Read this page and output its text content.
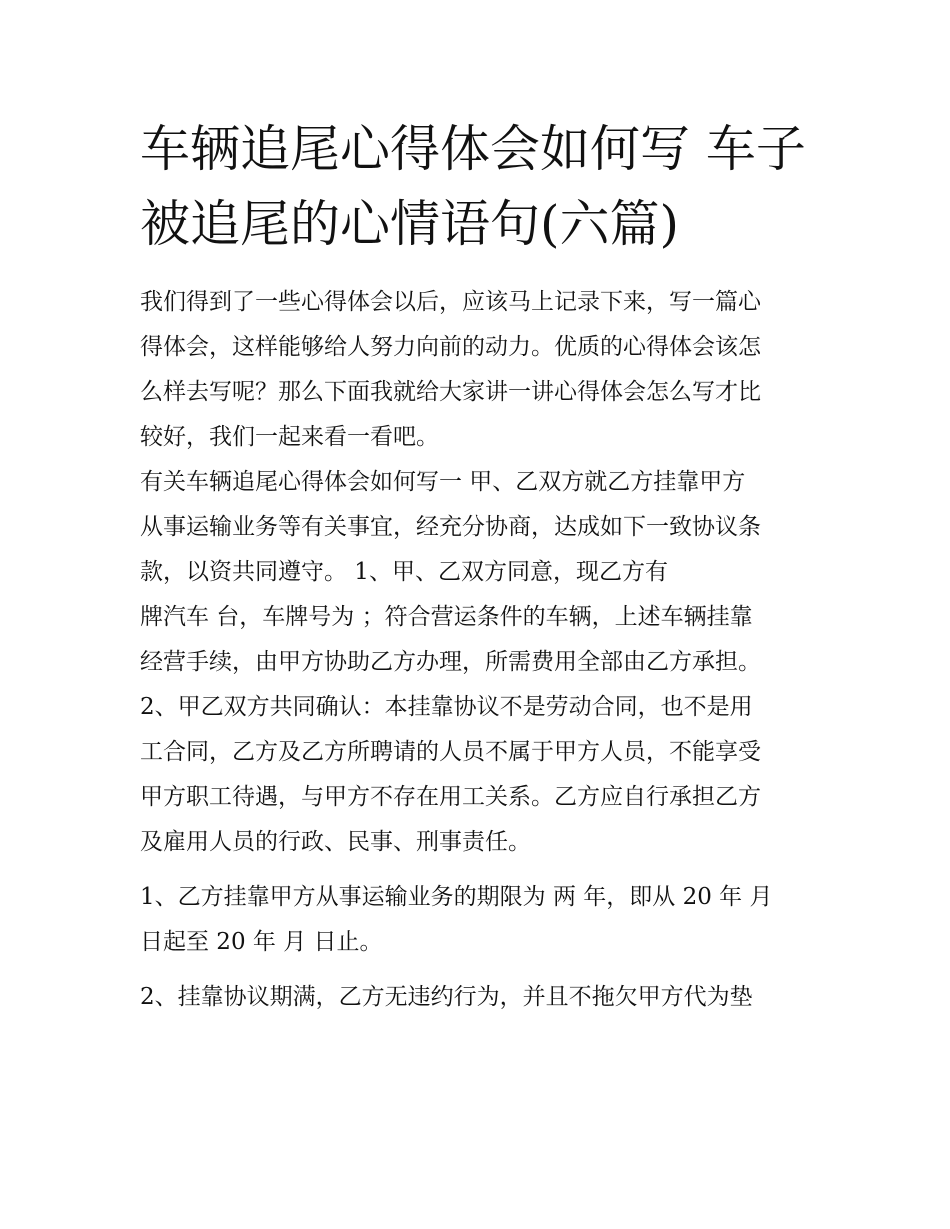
车辆追尾心得体会如何写 车子
被追尾的心情语句(六篇)
我们得到了一些心得体会以后，应该马上记录下来，写一篇心
得体会，这样能够给人努力向前的动力。优质的心得体会该怎
么样去写呢？那么下面我就给大家讲一讲心得体会怎么写才比
较好，我们一起来看一看吧。
有关车辆追尾心得体会如何写一 甲、乙双方就乙方挂靠甲方
从事运输业务等有关事宜，经充分协商，达成如下一致协议条
款，以资共同遵守。 1、甲、乙双方同意，现乙方有
牌汽车 台，车牌号为 ；符合营运条件的车辆，上述车辆挂靠
经营手续，由甲方协助乙方办理，所需费用全部由乙方承担。
2、甲乙双方共同确认：本挂靠协议不是劳动合同，也不是用
工合同，乙方及乙方所聘请的人员不属于甲方人员，不能享受
甲方职工待遇，与甲方不存在用工关系。乙方应自行承担乙方
及雇用人员的行政、民事、刑事责任。
1、乙方挂靠甲方从事运输业务的期限为 两 年，即从 20 年 月
日起至 20 年 月 日止。
2、挂靠协议期满，乙方无违约行为，并且不拖欠甲方代为垫
